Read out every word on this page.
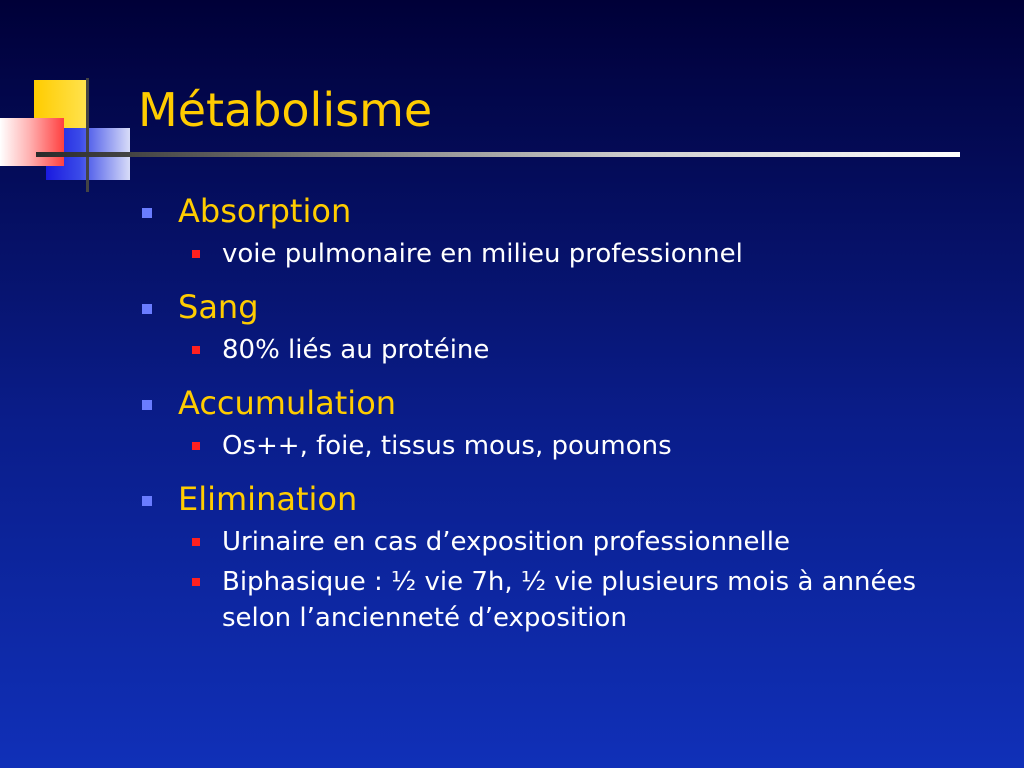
Métabolisme
Absorption
voie pulmonaire en milieu professionnel
Sang
80% liés au protéine
Accumulation
Os++, foie, tissus mous, poumons
Elimination
Urinaire en cas d’exposition professionnelle
Biphasique : ½ vie 7h, ½ vie plusieurs mois à années selon l’ancienneté d’exposition
